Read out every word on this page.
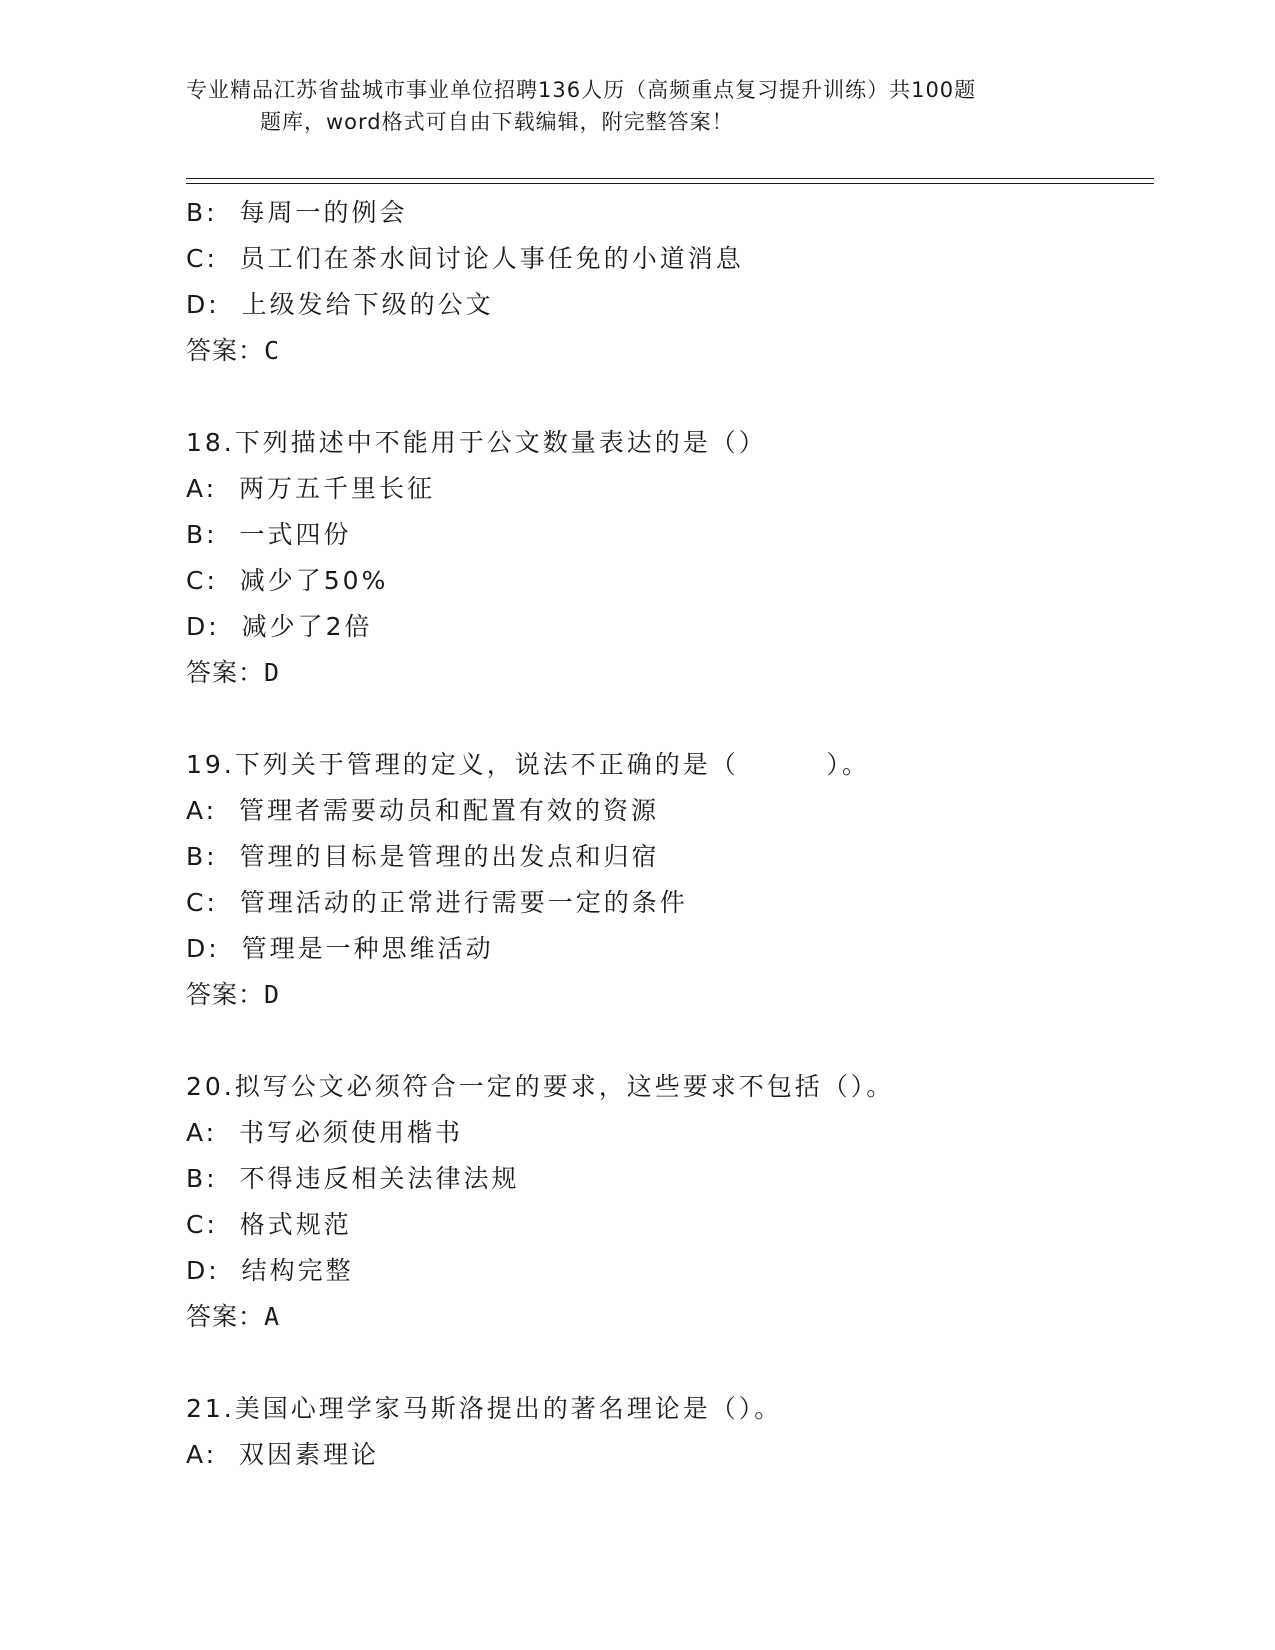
专业精品江苏省盐城市事业单位招聘136人历（高频重点复习提升训练）共100题
题库，word格式可自由下载编辑，附完整答案！
B:  每周一的例会
C:  员工们在茶水间讨论人事任免的小道消息
D:  上级发给下级的公文
答案：C
18.下列描述中不能用于公文数量表达的是（）
A:  两万五千里长征
B:  一式四份
C:  减少了50%
D:  减少了2倍
答案：D
19.下列关于管理的定义，说法不正确的是（        ）。
A:  管理者需要动员和配置有效的资源
B:  管理的目标是管理的出发点和归宿
C:  管理活动的正常进行需要一定的条件
D:  管理是一种思维活动
答案：D
20.拟写公文必须符合一定的要求，这些要求不包括（）。
A:  书写必须使用楷书
B:  不得违反相关法律法规
C:  格式规范
D:  结构完整
答案：A
21.美国心理学家马斯洛提出的著名理论是（）。
A:  双因素理论
